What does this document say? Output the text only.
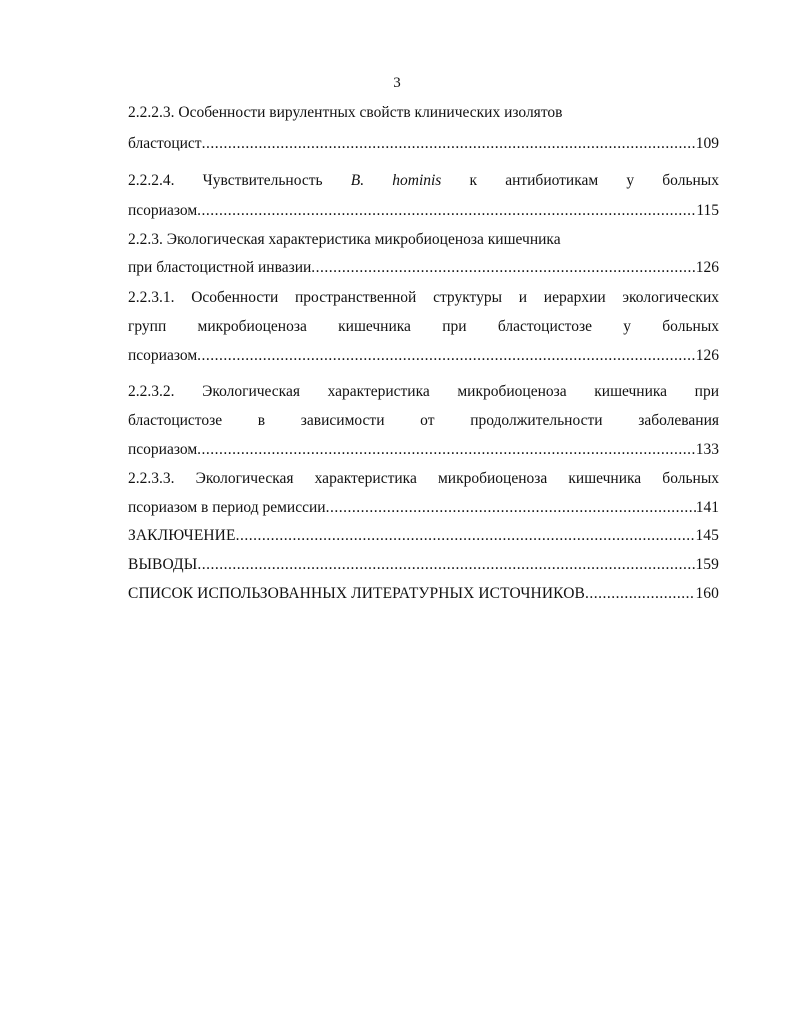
3
2.2.2.3. Особенности вирулентных свойств клинических изолятов
бластоцист .....	109
2.2.2.4. Чувствительность B. hominis к антибиотикам у больных
псориазом .....	115
2.2.3. Экологическая характеристика микробиоценоза кишечника
при бластоцистной инвазии .....	126
2.2.3.1. Особенности пространственной структуры и иерархии экологических
групп микробиоценоза кишечника при бластоцистозе у больных
псориазом .....	126
2.2.3.2. Экологическая характеристика микробиоценоза кишечника при
бластоцистозе в зависимости от продолжительности заболевания
псориазом .....	133
2.2.3.3. Экологическая характеристика микробиоценоза кишечника больных
псориазом в период ремиссии .....	141
ЗАКЛЮЧЕНИЕ .....	145
ВЫВОДЫ .....	159
СПИСОК ИСПОЛЬЗОВАННЫХ ЛИТЕРАТУРНЫХ ИСТОЧНИКОВ .....	160
